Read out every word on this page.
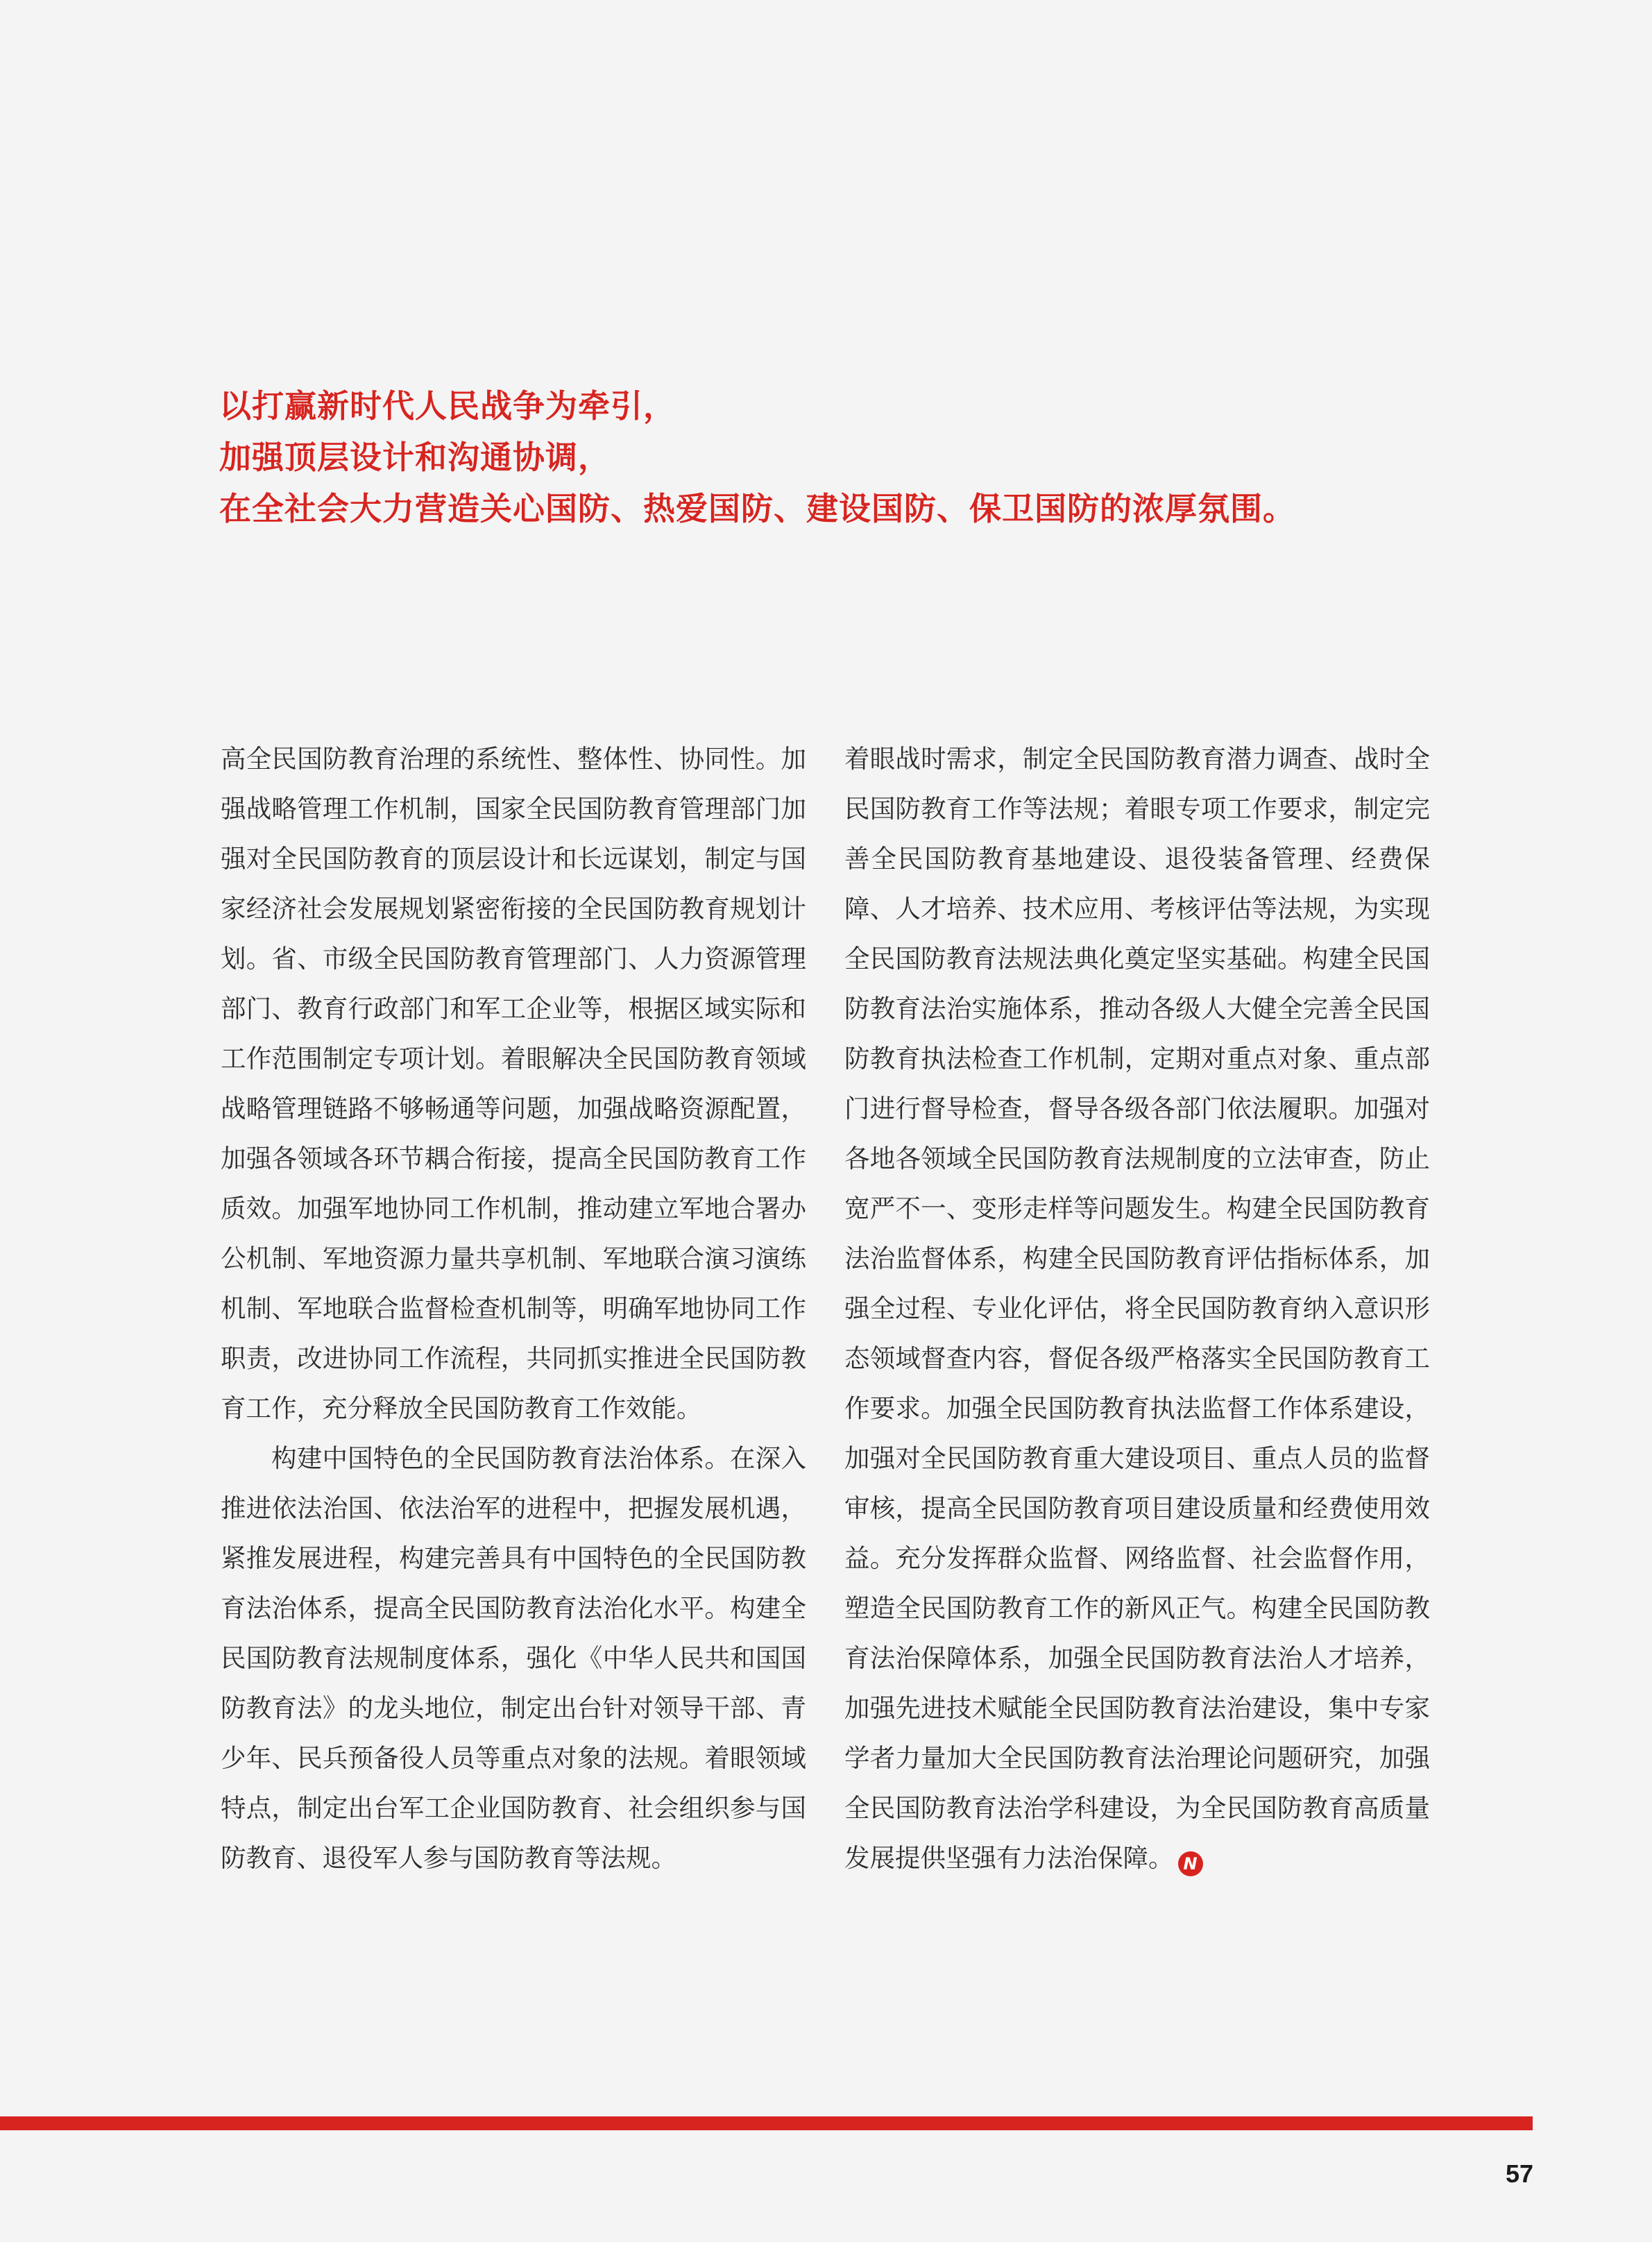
以打赢新时代人民战争为牵引，
加强顶层设计和沟通协调，
在全社会大力营造关心国防、热爱国防、建设国防、保卫国防的浓厚氛围。

高全民国防教育治理的系统性、整体性、协同性。加强战略管理工作机制，国家全民国防教育管理部门加强对全民国防教育的顶层设计和长远谋划，制定与国家经济社会发展规划紧密衔接的全民国防教育规划计划。省、市级全民国防教育管理部门、人力资源管理部门、教育行政部门和军工企业等，根据区域实际和工作范围制定专项计划。着眼解决全民国防教育领域战略管理链路不够畅通等问题，加强战略资源配置，加强各领域各环节耦合衔接，提高全民国防教育工作质效。加强军地协同工作机制，推动建立军地合署办公机制、军地资源力量共享机制、军地联合演习演练机制、军地联合监督检查机制等，明确军地协同工作职责，改进协同工作流程，共同抓实推进全民国防教育工作，充分释放全民国防教育工作效能。

构建中国特色的全民国防教育法治体系。在深入推进依法治国、依法治军的进程中，把握发展机遇，紧推发展进程，构建完善具有中国特色的全民国防教育法治体系，提高全民国防教育法治化水平。构建全民国防教育法规制度体系，强化《中华人民共和国国防教育法》的龙头地位，制定出台针对领导干部、青少年、民兵预备役人员等重点对象的法规。着眼领域特点，制定出台军工企业国防教育、社会组织参与国防教育、退役军人参与国防教育等法规。

着眼战时需求，制定全民国防教育潜力调查、战时全民国防教育工作等法规；着眼专项工作要求，制定完善全民国防教育基地建设、退役装备管理、经费保障、人才培养、技术应用、考核评估等法规，为实现全民国防教育法规法典化奠定坚实基础。构建全民国防教育法治实施体系，推动各级人大健全完善全民国防教育执法检查工作机制，定期对重点对象、重点部门进行督导检查，督导各级各部门依法履职。加强对各地各领域全民国防教育法规制度的立法审查，防止宽严不一、变形走样等问题发生。构建全民国防教育法治监督体系，构建全民国防教育评估指标体系，加强全过程、专业化评估，将全民国防教育纳入意识形态领域督查内容，督促各级严格落实全民国防教育工作要求。加强全民国防教育执法监督工作体系建设，加强对全民国防教育重大建设项目、重点人员的监督审核，提高全民国防教育项目建设质量和经费使用效益。充分发挥群众监督、网络监督、社会监督作用，塑造全民国防教育工作的新风正气。构建全民国防教育法治保障体系，加强全民国防教育法治人才培养，加强先进技术赋能全民国防教育法治建设，集中专家学者力量加大全民国防教育法治理论问题研究，加强全民国防教育法治学科建设，为全民国防教育高质量发展提供坚强有力法治保障。 N

57
